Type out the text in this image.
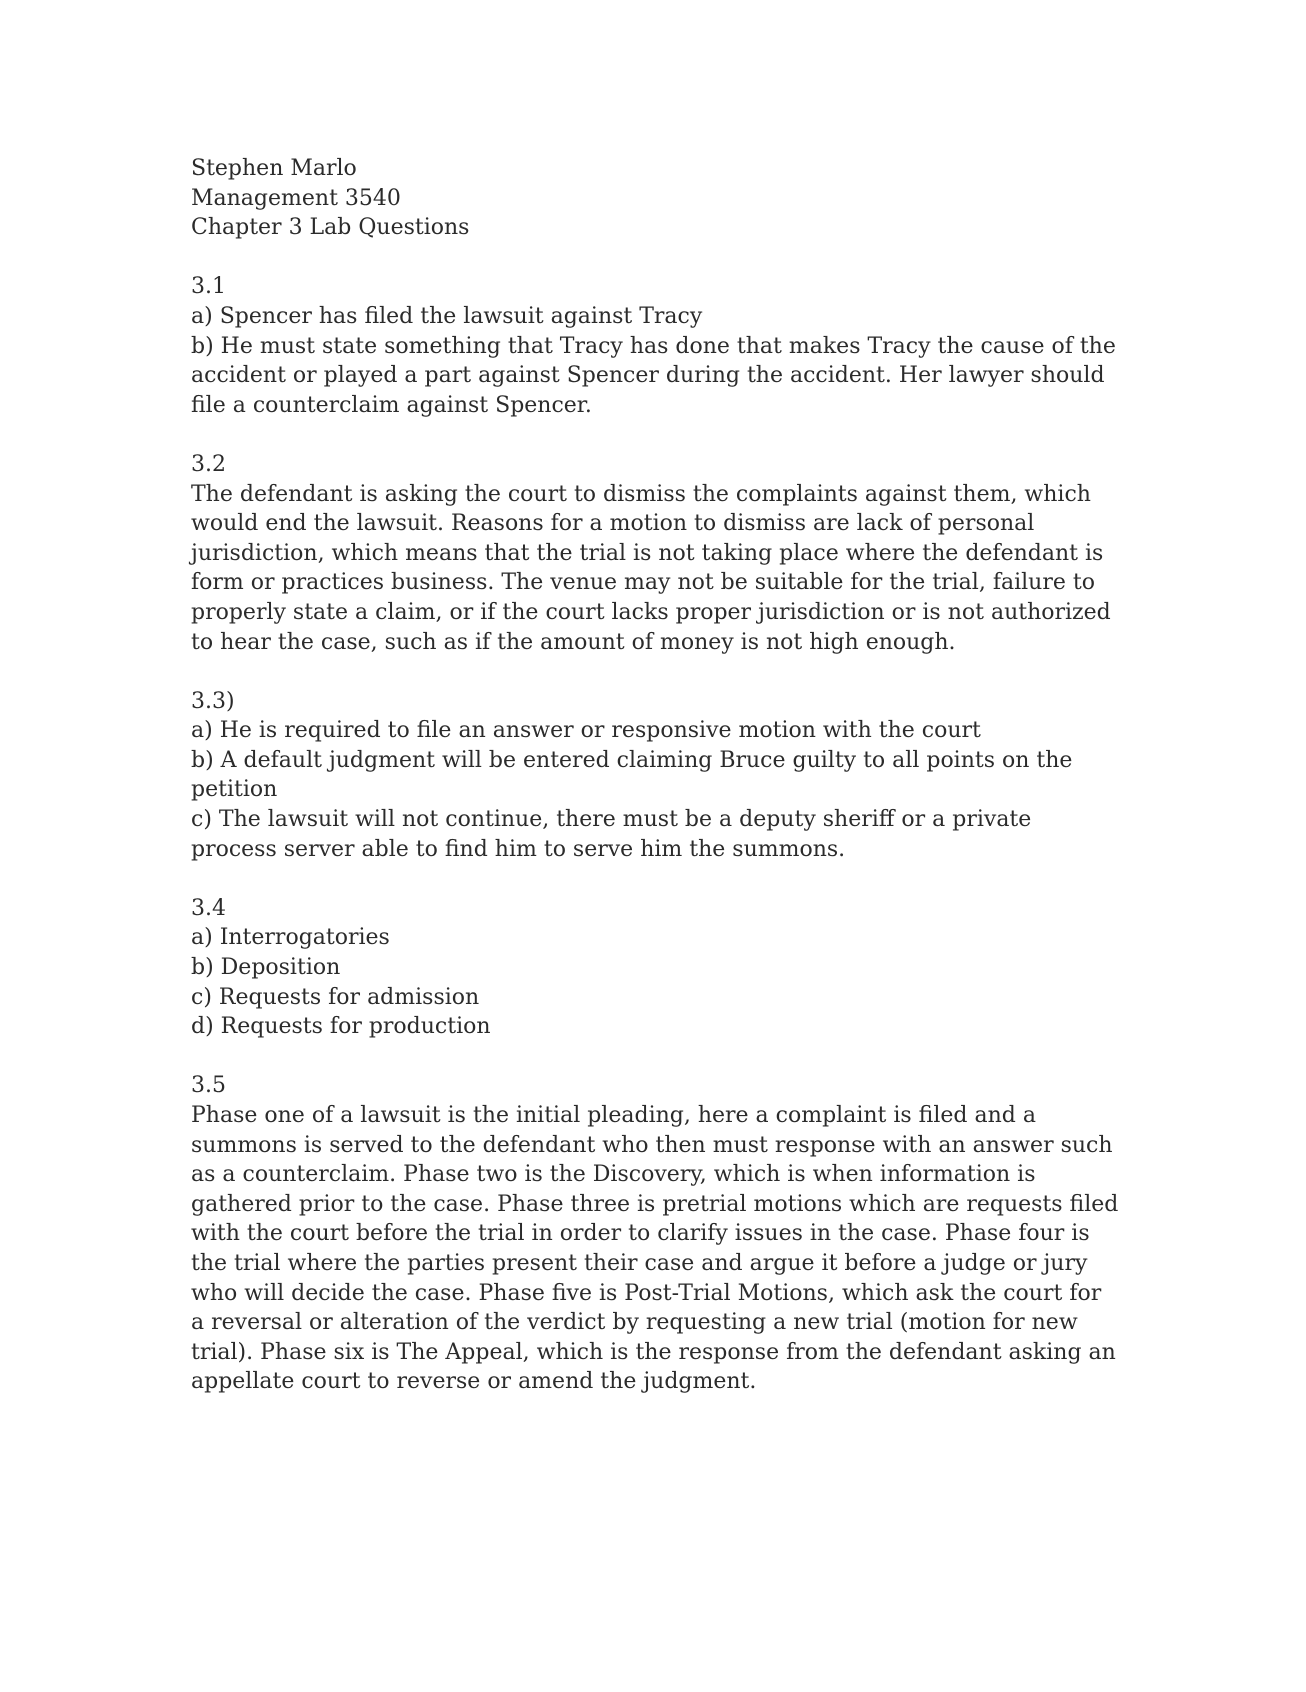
Stephen Marlo
Management 3540
Chapter 3 Lab Questions
3.1
a) Spencer has filed the lawsuit against Tracy
b) He must state something that Tracy has done that makes Tracy the cause of the accident or played a part against Spencer during the accident. Her lawyer should file a counterclaim against Spencer.
3.2

The defendant is asking the court to dismiss the complaints against them, which would end the lawsuit. Reasons for a motion to dismiss are lack of personal jurisdiction, which means that the trial is not taking place where the defendant is form or practices business. The venue may not be suitable for the trial, failure to properly state a claim, or if the court lacks proper jurisdiction or is not authorized to hear the case, such as if the amount of money is not high enough.

3.3)
a) He is required to file an answer or responsive motion with the court
b) A default judgment will be entered claiming Bruce guilty to all points on the petition
c) The lawsuit will not continue, there must be a deputy sheriff or a private process server able to find him to serve him the summons.
3.4
a) Interrogatories
b) Deposition
c) Requests for admission
d) Requests for production
3.5

Phase one of a lawsuit is the initial pleading, here a complaint is filed and a summons is served to the defendant who then must response with an answer such as a counterclaim. Phase two is the Discovery, which is when information is gathered prior to the case. Phase three is pretrial motions which are requests filed with the court before the trial in order to clarify issues in the case. Phase four is the trial where the parties present their case and argue it before a judge or jury who will decide the case. Phase five is Post-Trial Motions, which ask the court for a reversal or alteration of the verdict by requesting a new trial (motion for new trial). Phase six is The Appeal, which is the response from the defendant asking an appellate court to reverse or amend the judgment.
